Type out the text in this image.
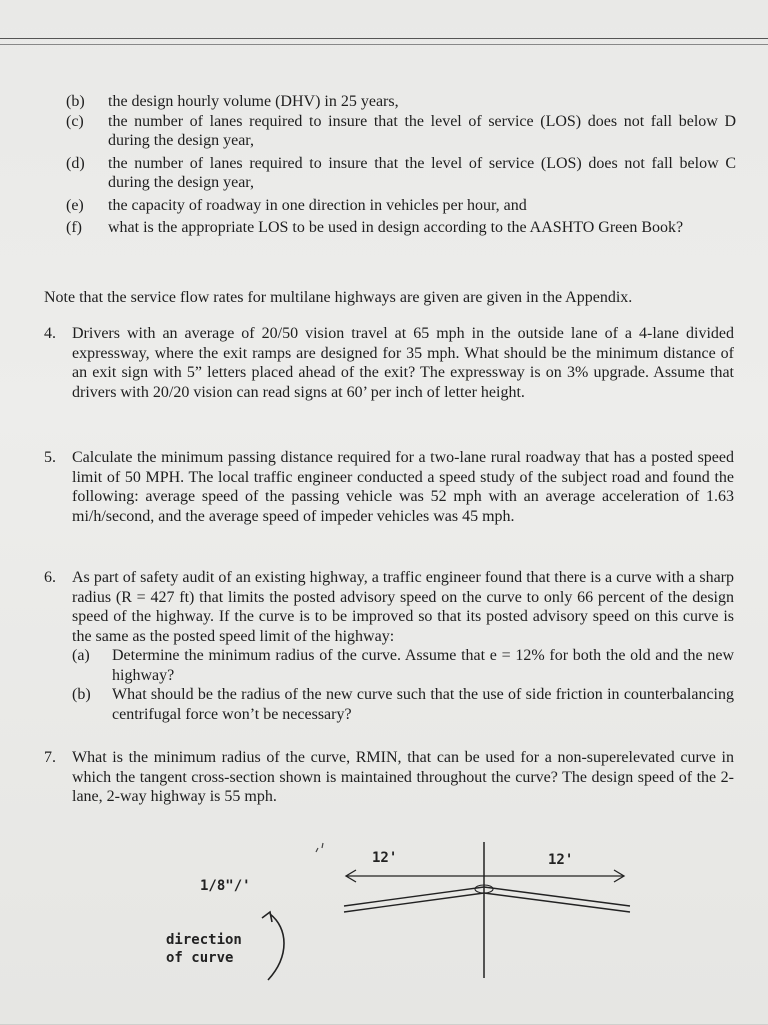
(b)	the design hourly volume (DHV) in 25 years,
(c)	the number of lanes required to insure that the level of service (LOS) does not fall below D during the design year,
(d)	the number of lanes required to insure that the level of service (LOS) does not fall below C during the design year,
(e)	the capacity of roadway in one direction in vehicles per hour, and
(f)	what is the appropriate LOS to be used in design according to the AASHTO Green Book?
Note that the service flow rates for multilane highways are given are given in the Appendix.
4.	Drivers with an average of 20/50 vision travel at 65 mph in the outside lane of a 4-lane divided expressway, where the exit ramps are designed for 35 mph. What should be the minimum distance of an exit sign with 5” letters placed ahead of the exit? The expressway is on 3% upgrade. Assume that drivers with 20/20 vision can read signs at 60’ per inch of letter height.
5.	Calculate the minimum passing distance required for a two-lane rural roadway that has a posted speed limit of 50 MPH. The local traffic engineer conducted a speed study of the subject road and found the following: average speed of the passing vehicle was 52 mph with an average acceleration of 1.63 mi/h/second, and the average speed of impeder vehicles was 45 mph.
6.	As part of safety audit of an existing highway, a traffic engineer found that there is a curve with a sharp radius (R = 427 ft) that limits the posted advisory speed on the curve to only 66 percent of the design speed of the highway. If the curve is to be improved so that its posted advisory speed on this curve is the same as the posted speed limit of the highway:
(a)	Determine the minimum radius of the curve. Assume that e = 12% for both the old and the new highway?
(b)	What should be the radius of the new curve such that the use of side friction in counterbalancing centrifugal force won’t be necessary?
7.	What is the minimum radius of the curve, RMIN, that can be used for a non-superelevated curve in which the tangent cross-section shown is maintained throughout the curve? The design speed of the 2-lane, 2-way highway is 55 mph.
12'	12'
1/8"/'
direction
of curve
